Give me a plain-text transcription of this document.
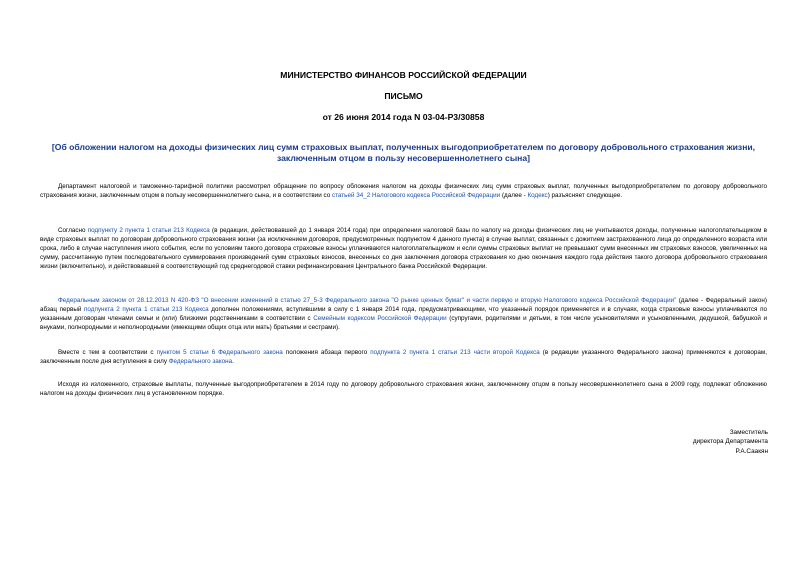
МИНИСТЕРСТВО ФИНАНСОВ РОССИЙСКОЙ ФЕДЕРАЦИИ
ПИСЬМО
от 26 июня 2014 года N 03-04-Р3/30858
[Об обложении налогом на доходы физических лиц сумм страховых выплат, полученных выгодоприобретателем по договору добровольного страхования жизни, заключенным отцом в пользу несовершеннолетнего сына]

Департамент налоговой и таможенно-тарифной политики рассмотрел обращение по вопросу обложения налогом на доходы физических лиц сумм страховых выплат, полученных выгодоприобретателем по договору добровольного страхования жизни, заключенным отцом в пользу несовершеннолетнего сына, и в соответствии со статьей 34_2 Налогового кодекса Российской Федерации (далее - Кодекс) разъясняет следующее.

Согласно подпункту 2 пункта 1 статьи 213 Кодекса (в редакции, действовавшей до 1 января 2014 года) при определении налоговой базы по налогу на доходы физических лиц не учитываются доходы, полученные налогоплательщиком в виде страховых выплат по договорам добровольного страхования жизни (за исключением договоров, предусмотренных подпунктом 4 данного пункта) в случае выплат, связанных с дожитием застрахованного лица до определенного возраста или срока, либо в случае наступления иного события, если по условиям такого договора страховые взносы уплачиваются налогоплательщиком и если суммы страховых выплат не превышают сумм внесенных им страховых взносов, увеличенных на сумму, рассчитанную путем последовательного суммирования произведений сумм страховых взносов, внесенных со дня заключения договора страхования ко дню окончания каждого года действия такого договора добровольного страхования жизни (включительно), и действовавшей в соответствующий год среднегодовой ставки рефинансирования Центрального банка Российской Федерации.

Федеральным законом от 28.12.2013 N 420-ФЗ "О внесении изменений в статью 27_5-3 Федерального закона "О рынке ценных бумаг" и части первую и вторую Налогового кодекса Российской Федерации" (далее - Федеральный закон) абзац первый подпункта 2 пункта 1 статьи 213 Кодекса дополнен положениями, вступившими в силу с 1 января 2014 года, предусматривающими, что указанный порядок применяется и в случаях, когда страховые взносы уплачиваются по указанным договорам членами семьи и (или) близкими родственниками в соответствии с Семейным кодексом Российской Федерации (супругами, родителями и детьми, в том числе усыновителями и усыновленными, дедушкой, бабушкой и внуками, полнородными и неполнородными (имеющими общих отца или мать) братьями и сестрами).

Вместе с тем в соответствии с пунктом 5 статьи 6 Федерального закона положения абзаца первого подпункта 2 пункта 1 статьи 213 части второй Кодекса (в редакции указанного Федерального закона) применяются к договорам, заключенным после дня вступления в силу Федерального закона.

Исходя из изложенного, страховые выплаты, полученные выгодоприобретателем в 2014 году по договору добровольного страхования жизни, заключенному отцом в пользу несовершеннолетнего сына в 2009 году, подлежат обложению налогом на доходы физических лиц в установленном порядке.

Заместитель
директора Департамента
Р.А.Саакян
